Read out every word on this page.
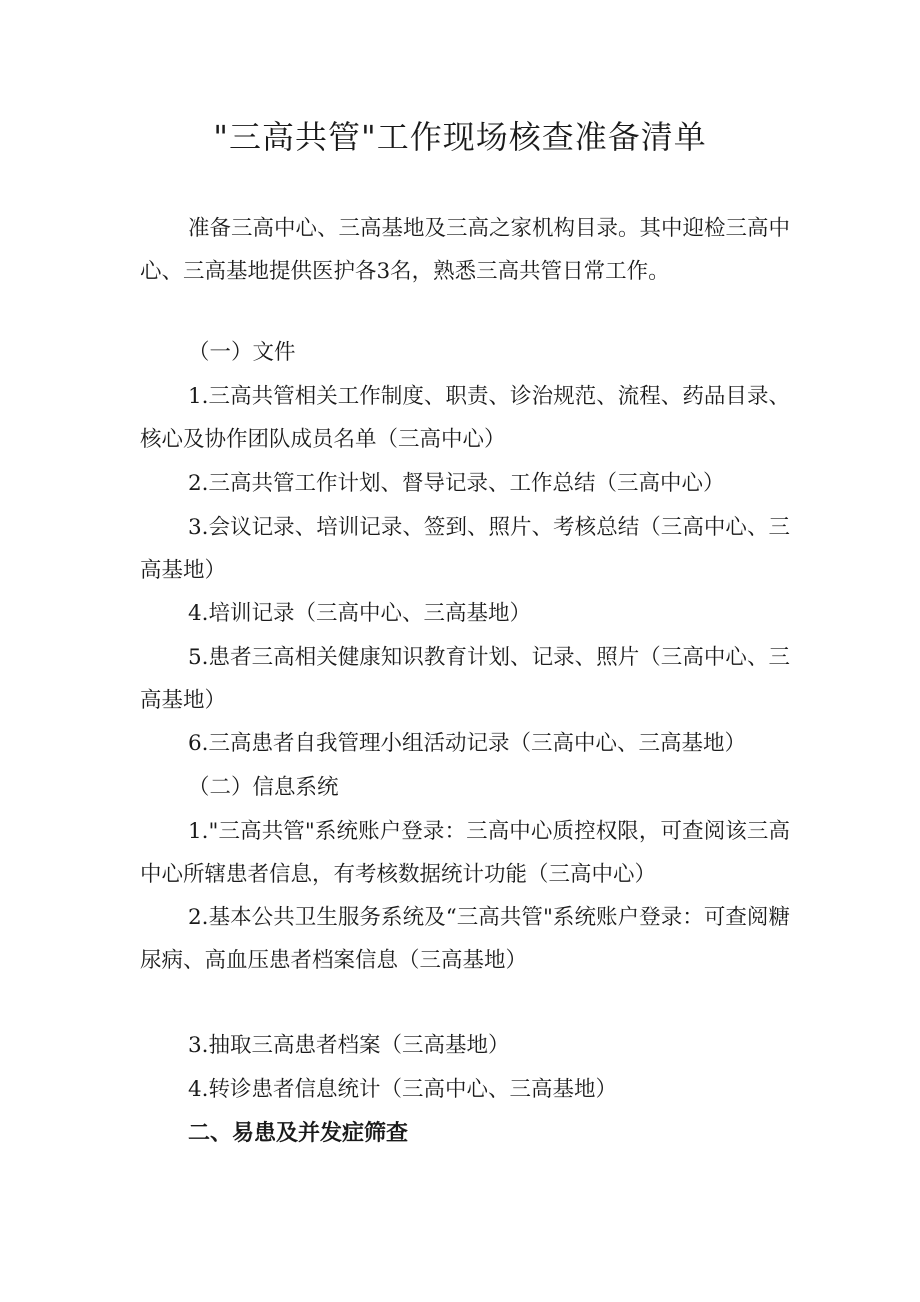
"三高共管"工作现场核查准备清单

准备三高中心、三高基地及三高之家机构目录。其中迎检三高中心、三高基地提供医护各3名，熟悉三高共管日常工作。

（一）文件

1.三高共管相关工作制度、职责、诊治规范、流程、药品目录、核心及协作团队成员名单（三高中心）

2.三高共管工作计划、督导记录、工作总结（三高中心）

3.会议记录、培训记录、签到、照片、考核总结（三高中心、三高基地）

4.培训记录（三高中心、三高基地）

5.患者三高相关健康知识教育计划、记录、照片（三高中心、三高基地）

6.三高患者自我管理小组活动记录（三高中心、三高基地）

（二）信息系统

1."三高共管"系统账户登录：三高中心质控权限，可查阅该三高中心所辖患者信息，有考核数据统计功能（三高中心）

2.基本公共卫生服务系统及“三高共管"系统账户登录：可查阅糖尿病、高血压患者档案信息（三高基地）

3.抽取三高患者档案（三高基地）

4.转诊患者信息统计（三高中心、三高基地）

二、易患及并发症筛查
